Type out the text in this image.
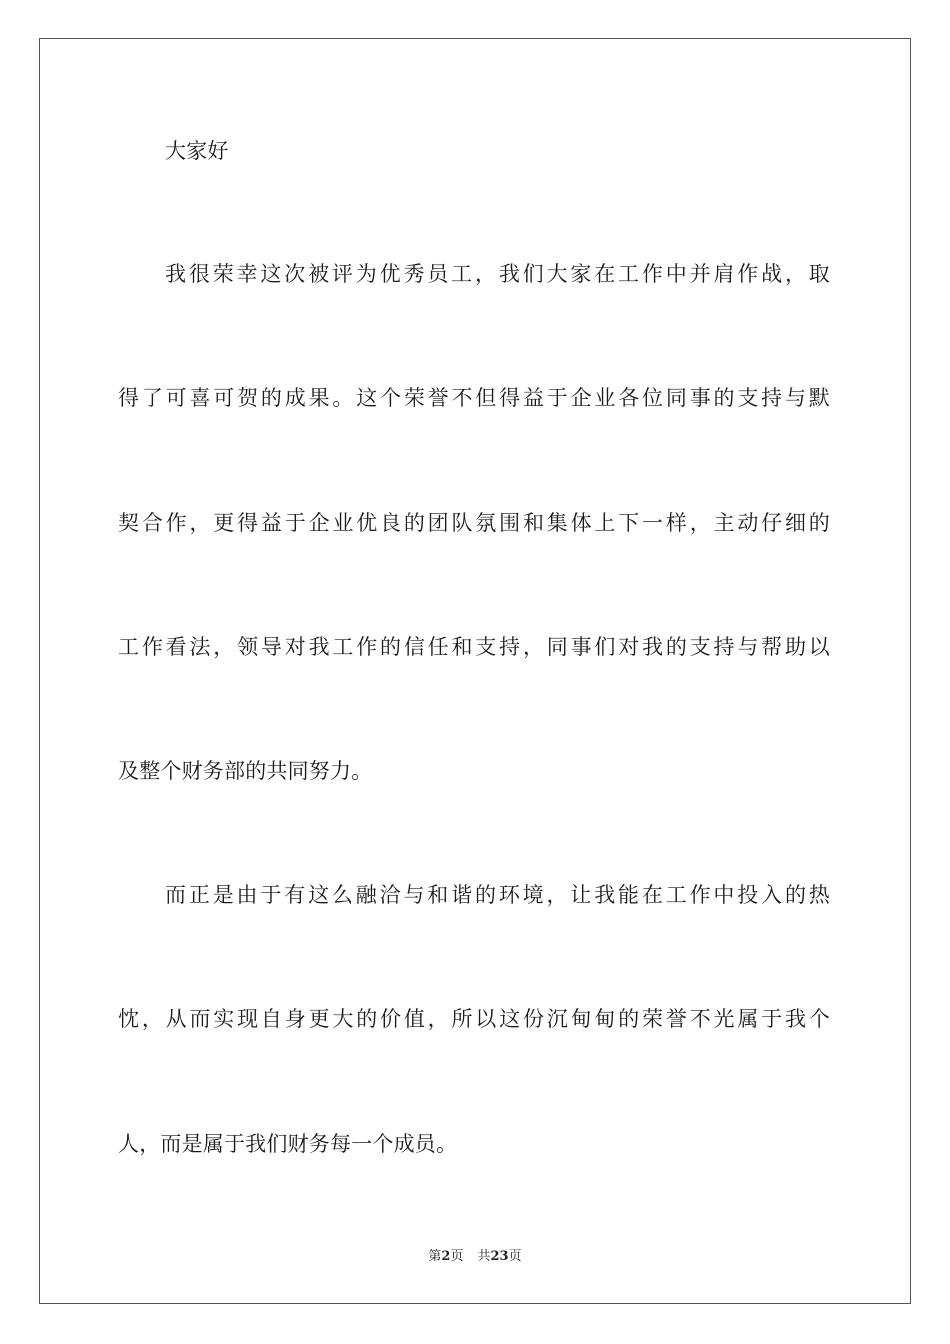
大家好
我很荣幸这次被评为优秀员工，我们大家在工作中并肩作战，取
得了可喜可贺的成果。这个荣誉不但得益于企业各位同事的支持与默
契合作，更得益于企业优良的团队氛围和集体上下一样，主动仔细的
工作看法，领导对我工作的信任和支持，同事们对我的支持与帮助以
及整个财务部的共同努力。
而正是由于有这么融洽与和谐的环境，让我能在工作中投入的热
忱，从而实现自身更大的价值，所以这份沉甸甸的荣誉不光属于我个
人，而是属于我们财务每一个成员。
第2页 共23页
